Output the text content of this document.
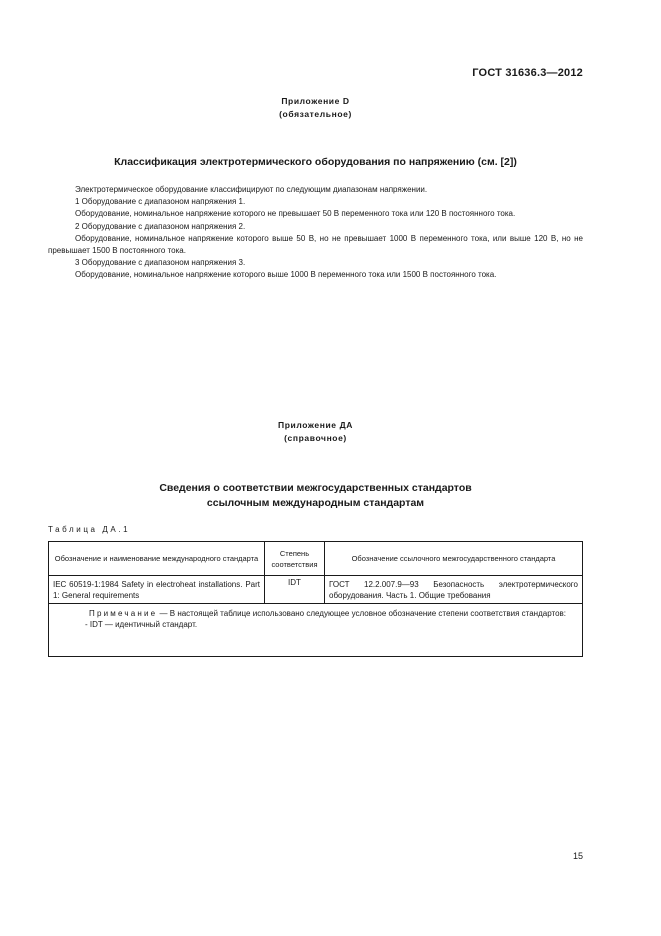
ГОСТ 31636.3—2012
Приложение D
(обязательное)
Классификация электротермического оборудования по напряжению (см. [2])

Электротермическое оборудование классифицируют по следующим диапазонам напряжении.

1 Оборудование с диапазоном напряжения 1.

Оборудование, номинальное напряжение которого не превышает 50 В переменного тока или 120 В постоянного тока.

2 Оборудование с диапазоном напряжения 2.

Оборудование, номинальное напряжение которого выше 50 В, но не превышает 1000 В переменного тока, или выше 120 В, но не превышает 1500 В постоянного тока.

3 Оборудование с диапазоном напряжения 3.

Оборудование, номинальное напряжение которого выше 1000 В переменного тока или 1500 В постоянного тока.

Приложение ДА
(справочное)
Сведения о соответствии межгосударственных стандартов
ссылочным международным стандартам
Таблица ДА.1
Обозначение и наименование международного стандарта	Степень соответствия	Обозначение ссылочного межгосударственного стандарта
IEC 60519-1:1984 Safety in electroheat installations. Part 1: General requirements	IDT	ГОСТ 12.2.007.9—93 Безопасность электротермического оборудования. Часть 1. Общие требования

Примечание — В настоящей таблице использовано следующее условное обозначение степени соответствия стандартов:

- IDT — идентичный стандарт.		

15
